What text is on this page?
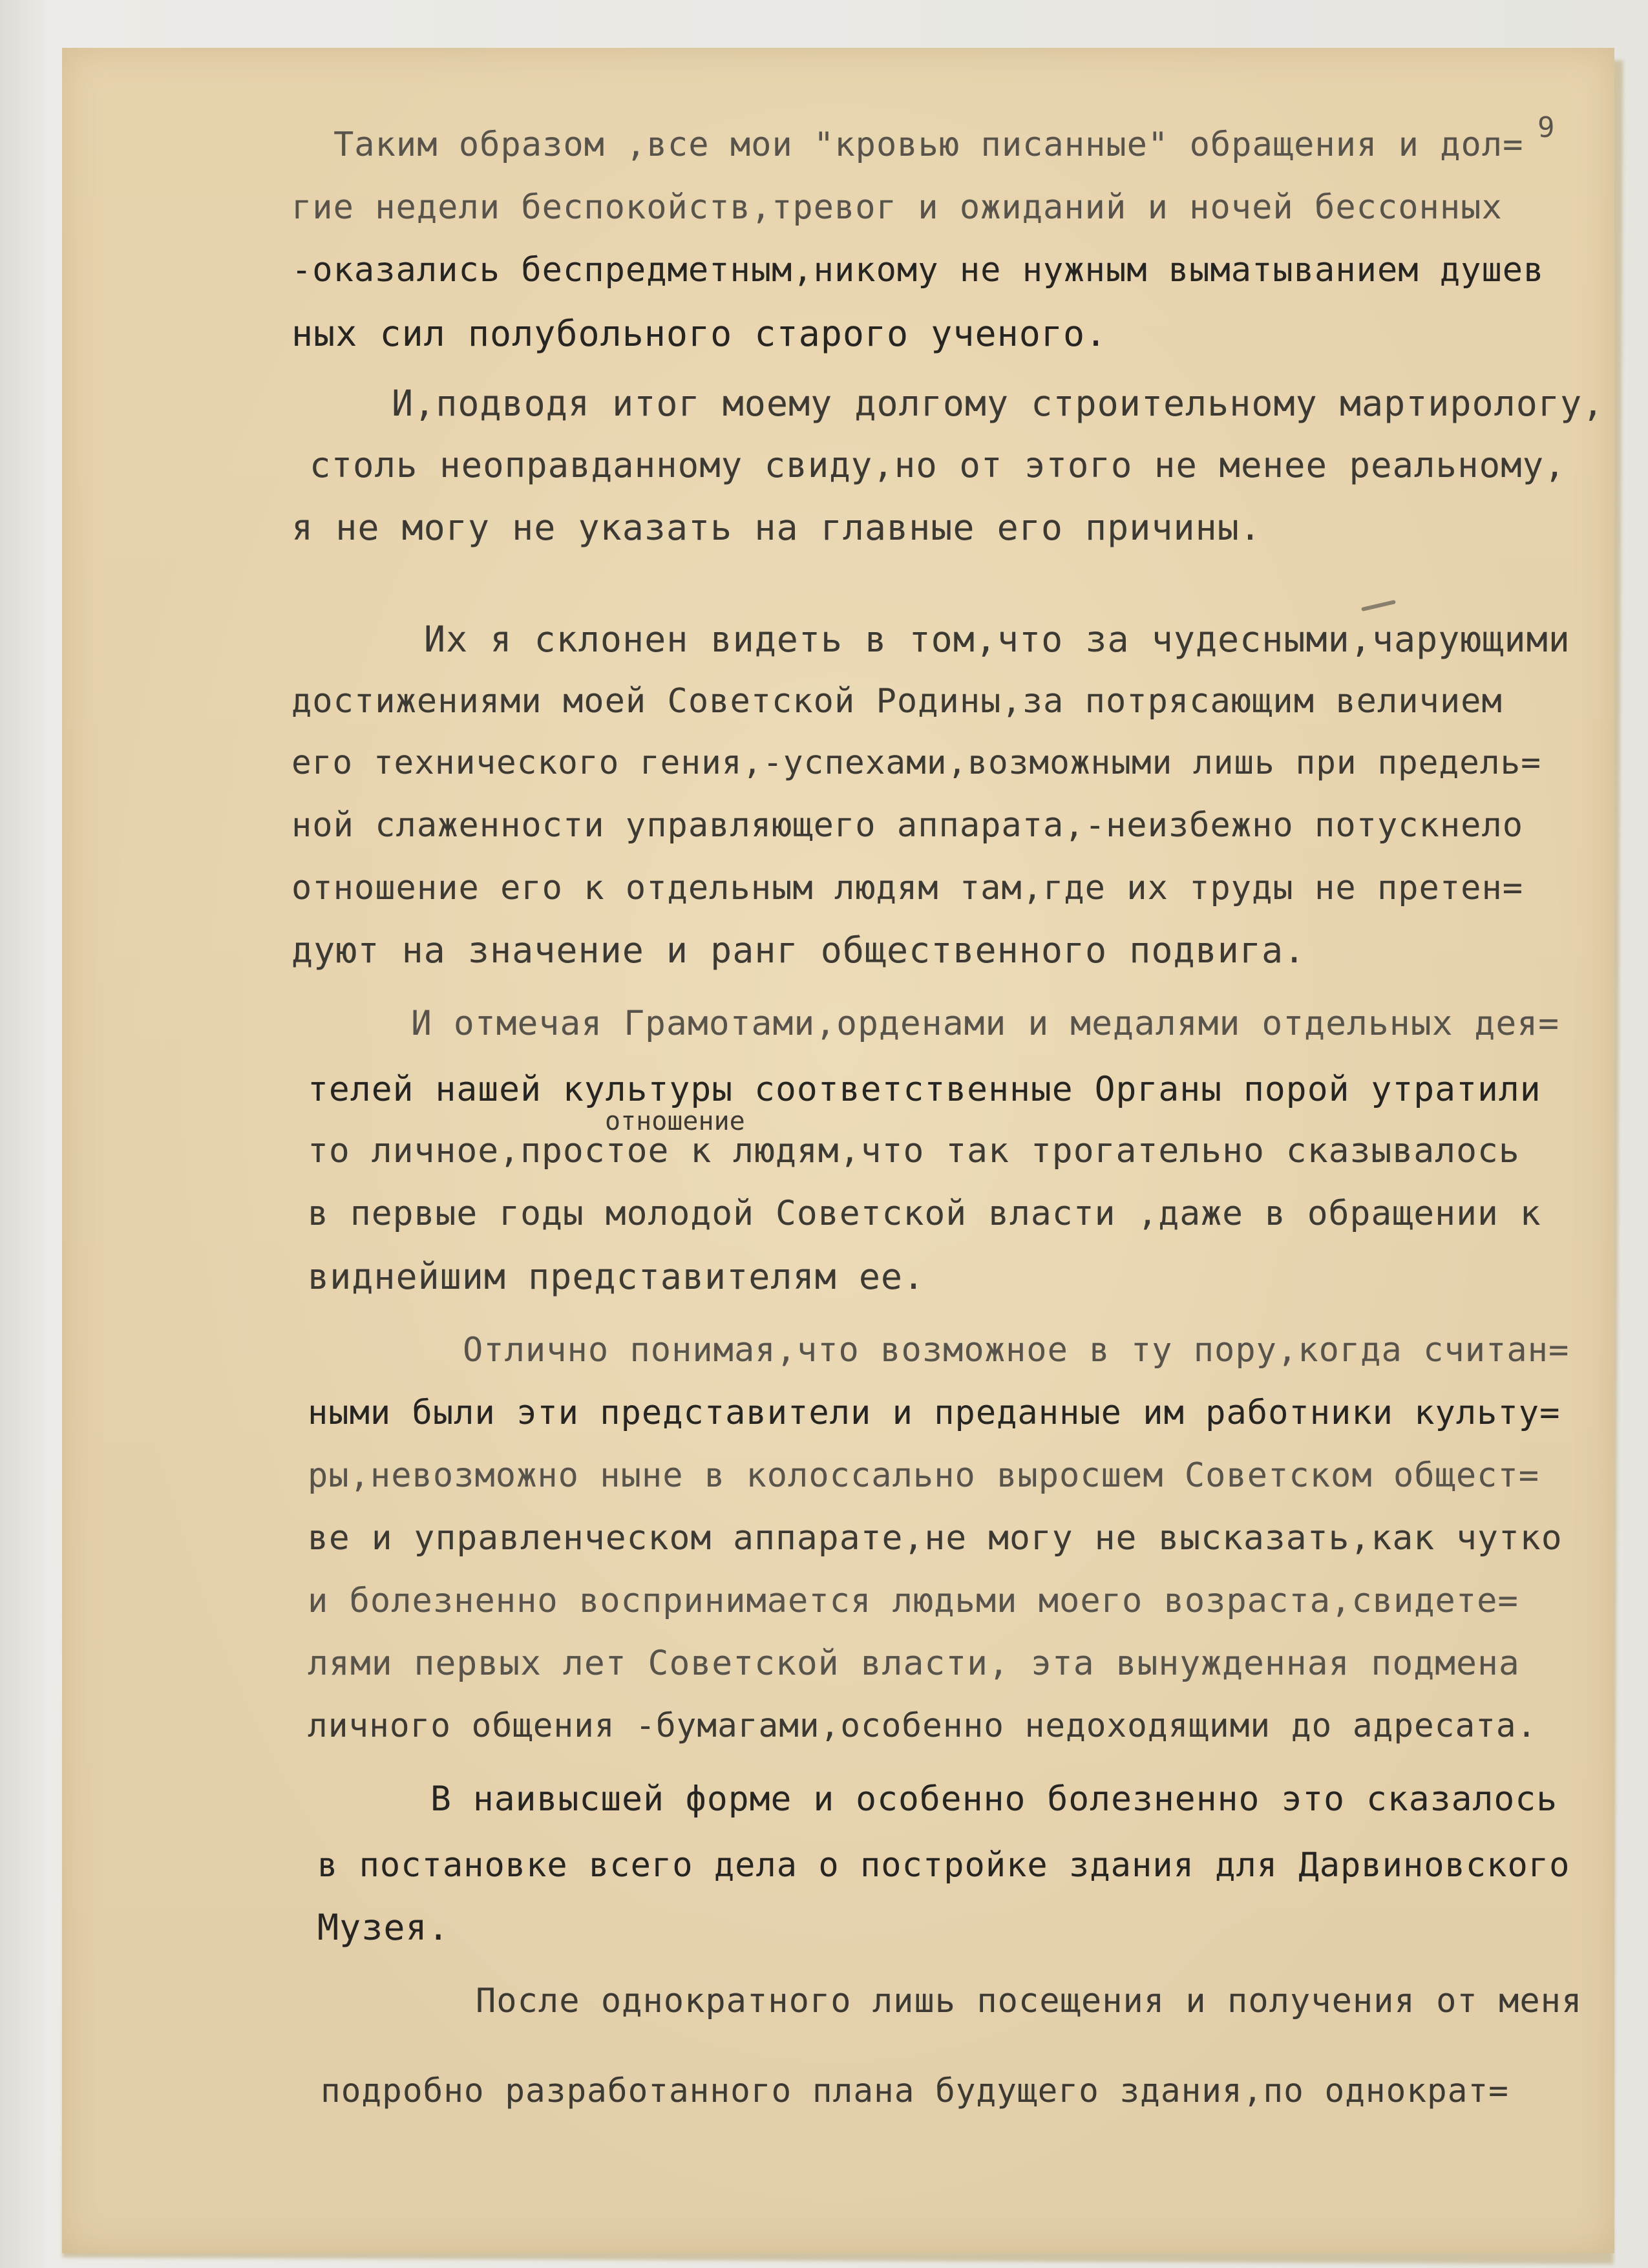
9
Таким образом ,все мои "кровью писанные" обращения и дол=
гие недели беспокойств,тревог и ожиданий и ночей бессонных
-оказались беспредметным,никому не нужным выматыванием душев
ных сил полубольного старого ученого.
И,подводя итог моему долгому строительному мартирологу,
столь неоправданному свиду,но от этого не менее реальному,
я не могу не указать на главные его причины.
Их я склонен видеть в том,что за чудесными,чарующими
достижениями моей Советской Родины,за потрясающим величием
его технического гения,-успехами,возможными лишь при предель=
ной слаженности управляющего аппарата,-неизбежно потускнело
отношение его к отдельным людям там,где их труды не претен=
дуют на значение и ранг общественного подвига.
И отмечая Грамотами,орденами и медалями отдельных дея=
телей нашей культуры соответственные Органы порой утратили
отношение
то личное,простое к людям,что так трогательно сказывалось
в первые годы молодой Советской власти ,даже в обращении к
виднейшим представителям ее.
Отлично понимая,что возможное в ту пору,когда считан=
ными были эти представители и преданные им работники культу=
ры,невозможно ныне в колоссально выросшем Советском общест=
ве и управленческом аппарате,не могу не высказать,как чутко
и болезненно воспринимается людьми моего возраста,свидете=
лями первых лет Советской власти, эта вынужденная подмена
личного общения -бумагами,особенно недоходящими до адресата.
В наивысшей форме и особенно болезненно это сказалось
в постановке всего дела о постройке здания для Дарвиновского
Музея.
После однократного лишь посещения и получения от меня
подробно разработанного плана будущего здания,по однократ=
